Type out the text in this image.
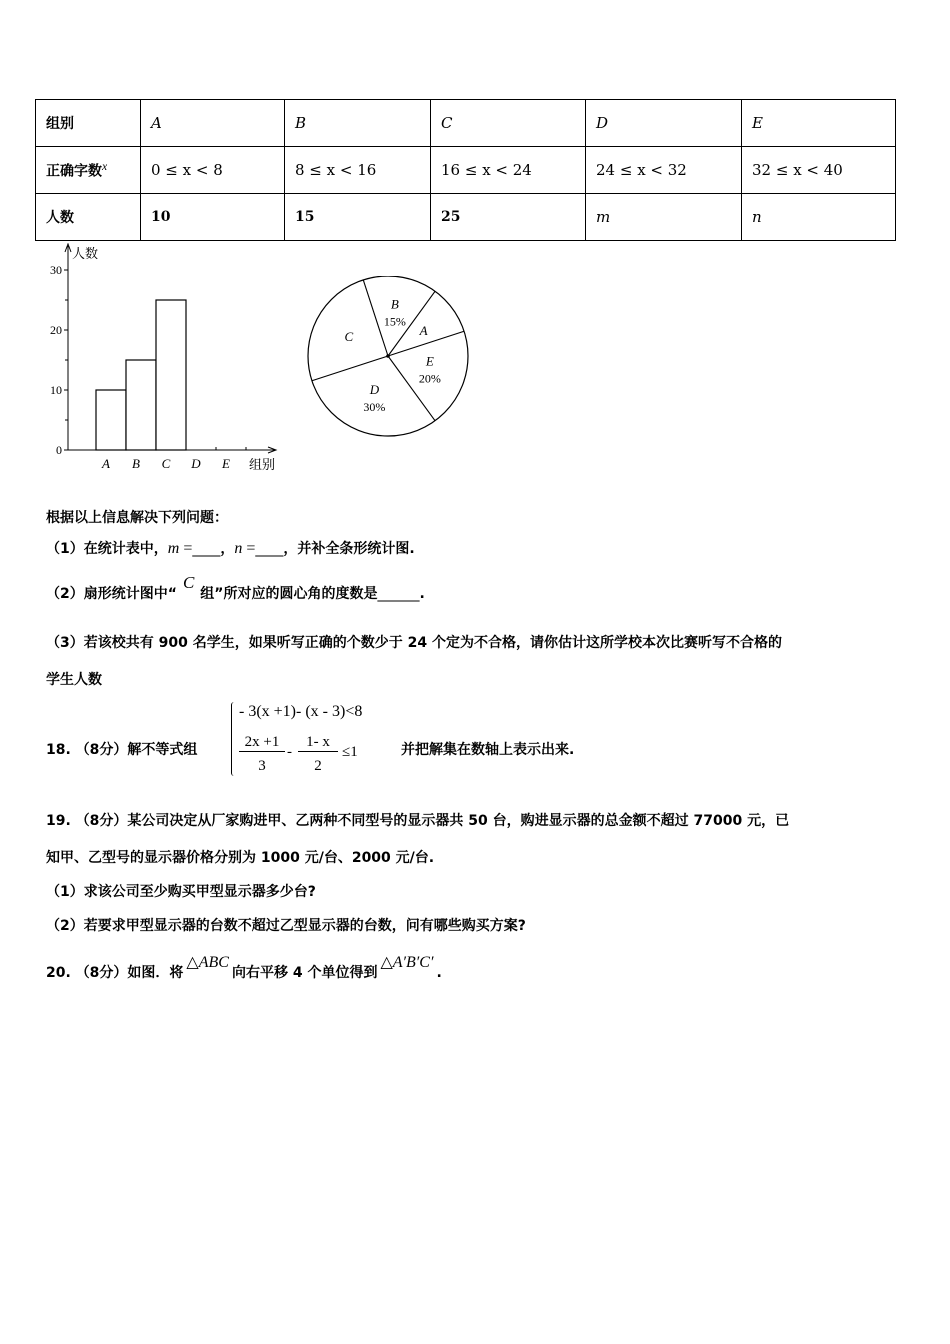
组别	A	B	C	D	E
正确字数$^x$	0 ≤ x < 8	8 ≤ x < 16	16 ≤ x < 24	24 ≤ x < 32	32 ≤ x < 40
人数	10	15	25	m	n
0
10
20
30
人数
A B C D E 组别
B
15%
A
E
20%
D
30%
C
根据以上信息解决下列问题：
（1）在统计表中，m =____，n =____，并补全条形统计图.
（2）扇形统计图中“C组”所对应的圆心角的度数是______.
（3）若该校共有 900 名学生，如果听写正确的个数少于 24 个定为不合格，请你估计这所学校本次比赛听写不合格的
学生人数
18. （8分）解不等式组
- 3(x +1)- (x - 3)<8
2x +1
3
-
1- x
2
≤1	并把解集在数轴上表示出来.
19. （8分）某公司决定从厂家购进甲、乙两种不同型号的显示器共 50 台，购进显示器的总金额不超过 77000 元，已
知甲、乙型号的显示器价格分别为 1000 元/台、2000 元/台.
（1）求该公司至少购买甲型显示器多少台?
（2）若要求甲型显示器的台数不超过乙型显示器的台数，问有哪些购买方案?
20. （8分）如图．将△ABC向右平移 4 个单位得到△A′B′C′.
